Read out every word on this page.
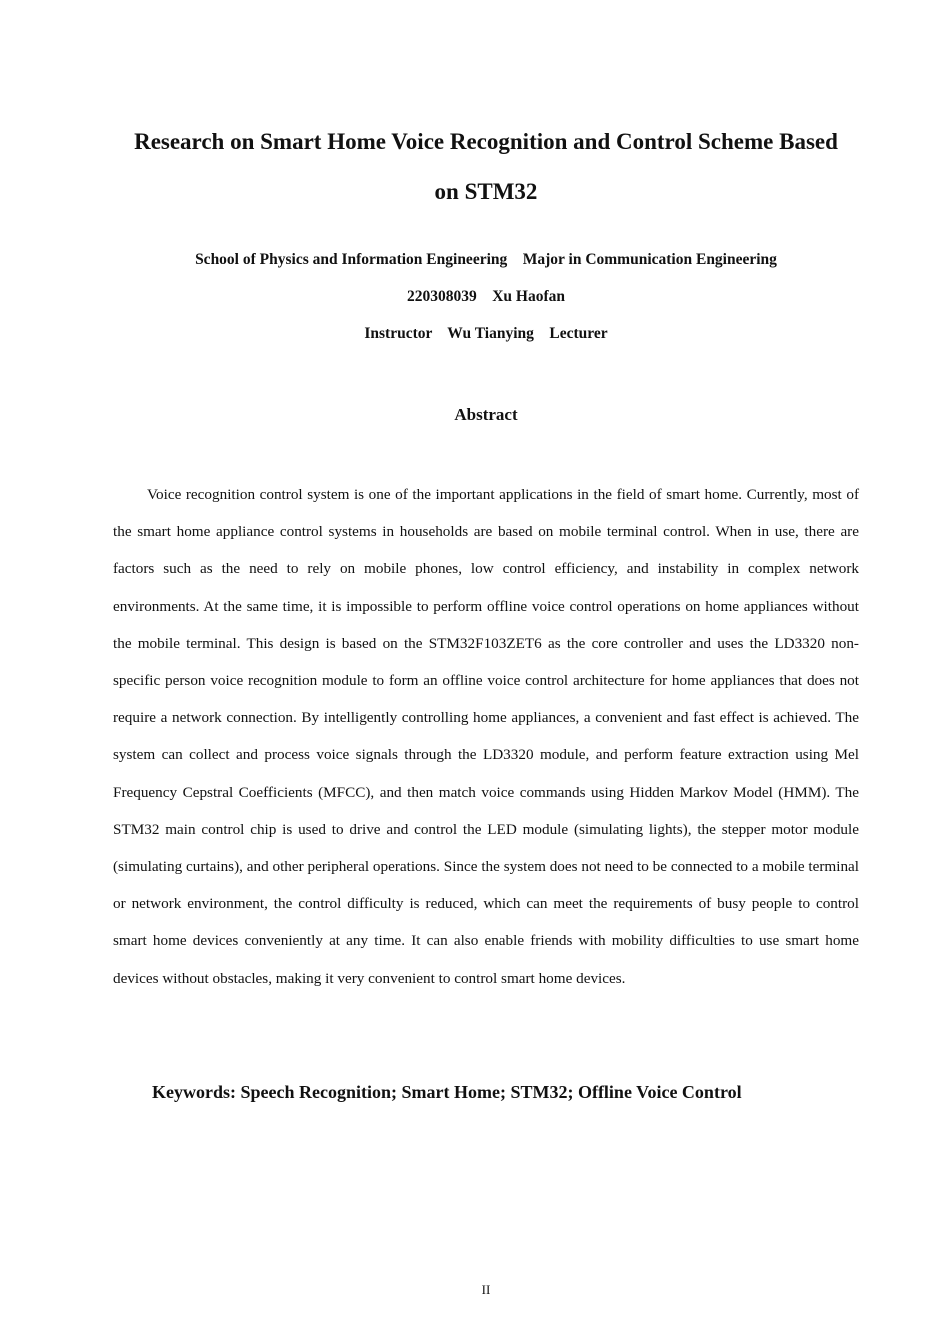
Research on Smart Home Voice Recognition and Control Scheme Based
on STM32
School of Physics and Information Engineering    Major in Communication Engineering
220308039    Xu Haofan
Instructor    Wu Tianying    Lecturer
Abstract

Voice recognition control system is one of the important applications in the field of smart home. Currently, most of the smart home appliance control systems in households are based on mobile terminal control. When in use, there are factors such as the need to rely on mobile phones, low control efficiency, and instability in complex network environments. At the same time, it is impossible to perform offline voice control operations on home appliances without the mobile terminal. This design is based on the STM32F103ZET6 as the core controller and uses the LD3320 non-specific person voice recognition module to form an offline voice control architecture for home appliances that does not require a network connection. By intelligently controlling home appliances, a convenient and fast effect is achieved. The system can collect and process voice signals through the LD3320 module, and perform feature extraction using Mel Frequency Cepstral Coefficients (MFCC), and then match voice commands using Hidden Markov Model (HMM). The STM32 main control chip is used to drive and control the LED module (simulating lights), the stepper motor module (simulating curtains), and other peripheral operations. Since the system does not need to be connected to a mobile terminal or network environment, the control difficulty is reduced, which can meet the requirements of busy people to control smart home devices conveniently at any time. It can also enable friends with mobility difficulties to use smart home devices without obstacles, making it very convenient to control smart home devices.

Keywords: Speech Recognition; Smart Home; STM32; Offline Voice Control
II
